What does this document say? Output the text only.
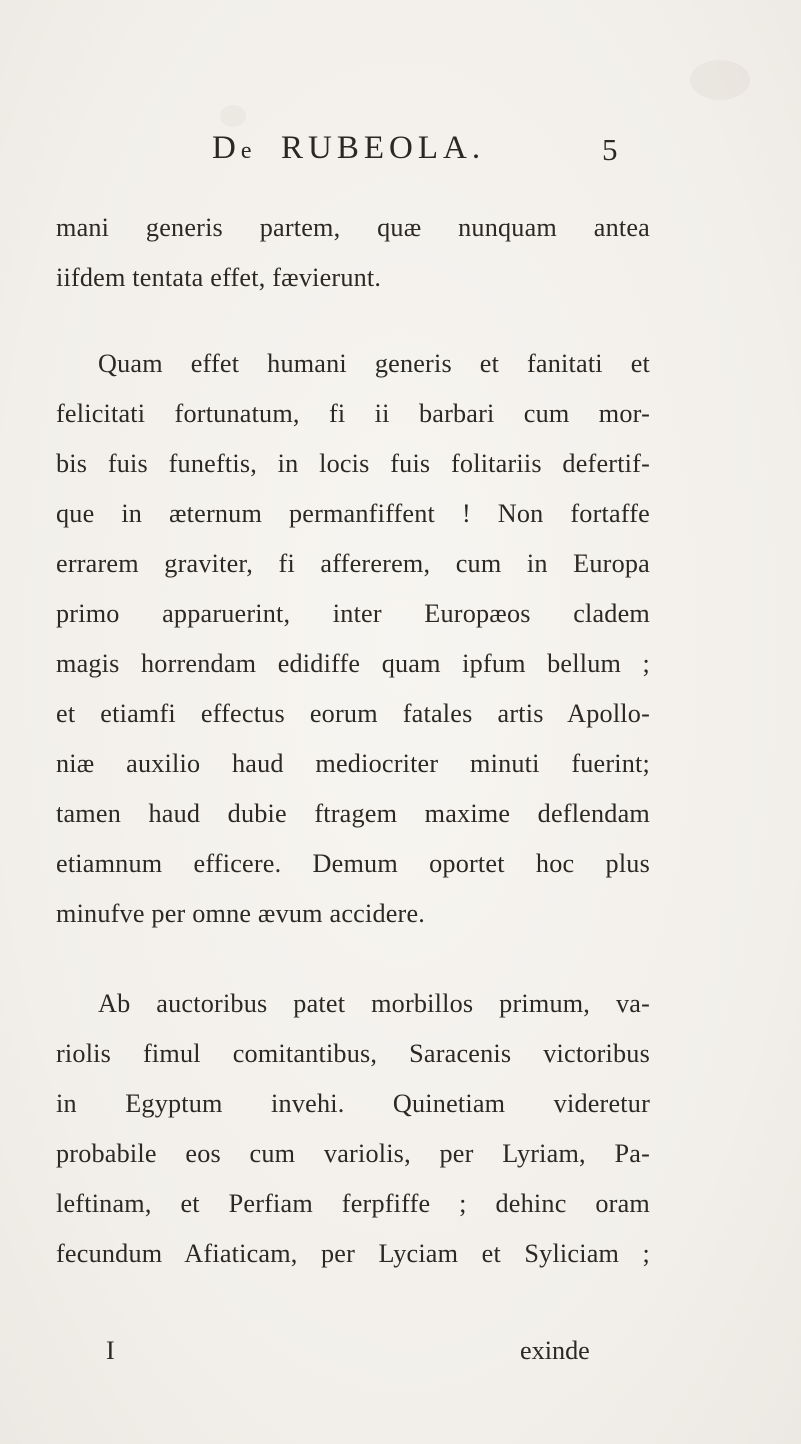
De RUBEOLA.	5
mani generis partem, quæ nunquam antea
iifdem tentata effet, fævierunt.
Quam effet humani generis et fanitati et
felicitati fortunatum, fi ii barbari cum mor-
bis fuis funeftis, in locis fuis folitariis defertif-
que in æternum permanfiffent ! Non fortaffe
errarem graviter, fi affererem, cum in Europa
primo apparuerint, inter Europæos cladem
magis horrendam edidiffe quam ipfum bellum ;
et etiamfi effectus eorum fatales artis Apollo-
niæ auxilio haud mediocriter minuti fuerint;
tamen haud dubie ftragem maxime deflendam
etiamnum efficere. Demum oportet hoc plus
minufve per omne ævum accidere.
Ab auctoribus patet morbillos primum, va-
riolis fimul comitantibus, Saracenis victoribus
in Egyptum invehi. Quinetiam videretur
probabile eos cum variolis, per Lyriam, Pa-
leftinam, et Perfiam ferpfiffe ; dehinc oram
fecundum Afiaticam, per Lyciam et Syliciam ;
I	exinde
